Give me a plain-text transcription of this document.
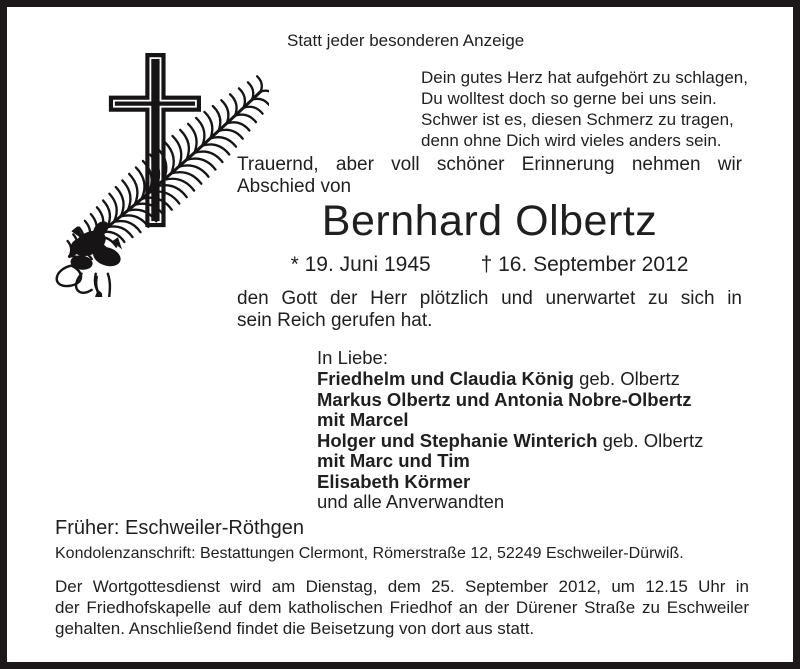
Statt jeder besonderen Anzeige
Dein gutes Herz hat aufgehört zu schlagen,
Du wolltest doch so gerne bei uns sein.
Schwer ist es, diesen Schmerz zu tragen,
denn ohne Dich wird vieles anders sein.
Trauernd, aber voll schöner Erinnerung nehmen wir
Abschied von
Bernhard Olbertz
* 19. Juni 1945 † 16. September 2012
den Gott der Herr plötzlich und unerwartet zu sich in
sein Reich gerufen hat.
In Liebe:
Friedhelm und Claudia König geb. Olbertz
Markus Olbertz und Antonia Nobre-Olbertz
mit Marcel
Holger und Stephanie Winterich geb. Olbertz
mit Marc und Tim
Elisabeth Körmer
und alle Anverwandten
Früher: Eschweiler-Röthgen
Kondolenzanschrift: Bestattungen Clermont, Römerstraße 12, 52249 Eschweiler-Dürwiß.
Der Wortgottesdienst wird am Dienstag, dem 25. September 2012, um 12.15 Uhr in
der Friedhofskapelle auf dem katholischen Friedhof an der Dürener Straße zu Eschweiler
gehalten. Anschließend findet die Beisetzung von dort aus statt.
